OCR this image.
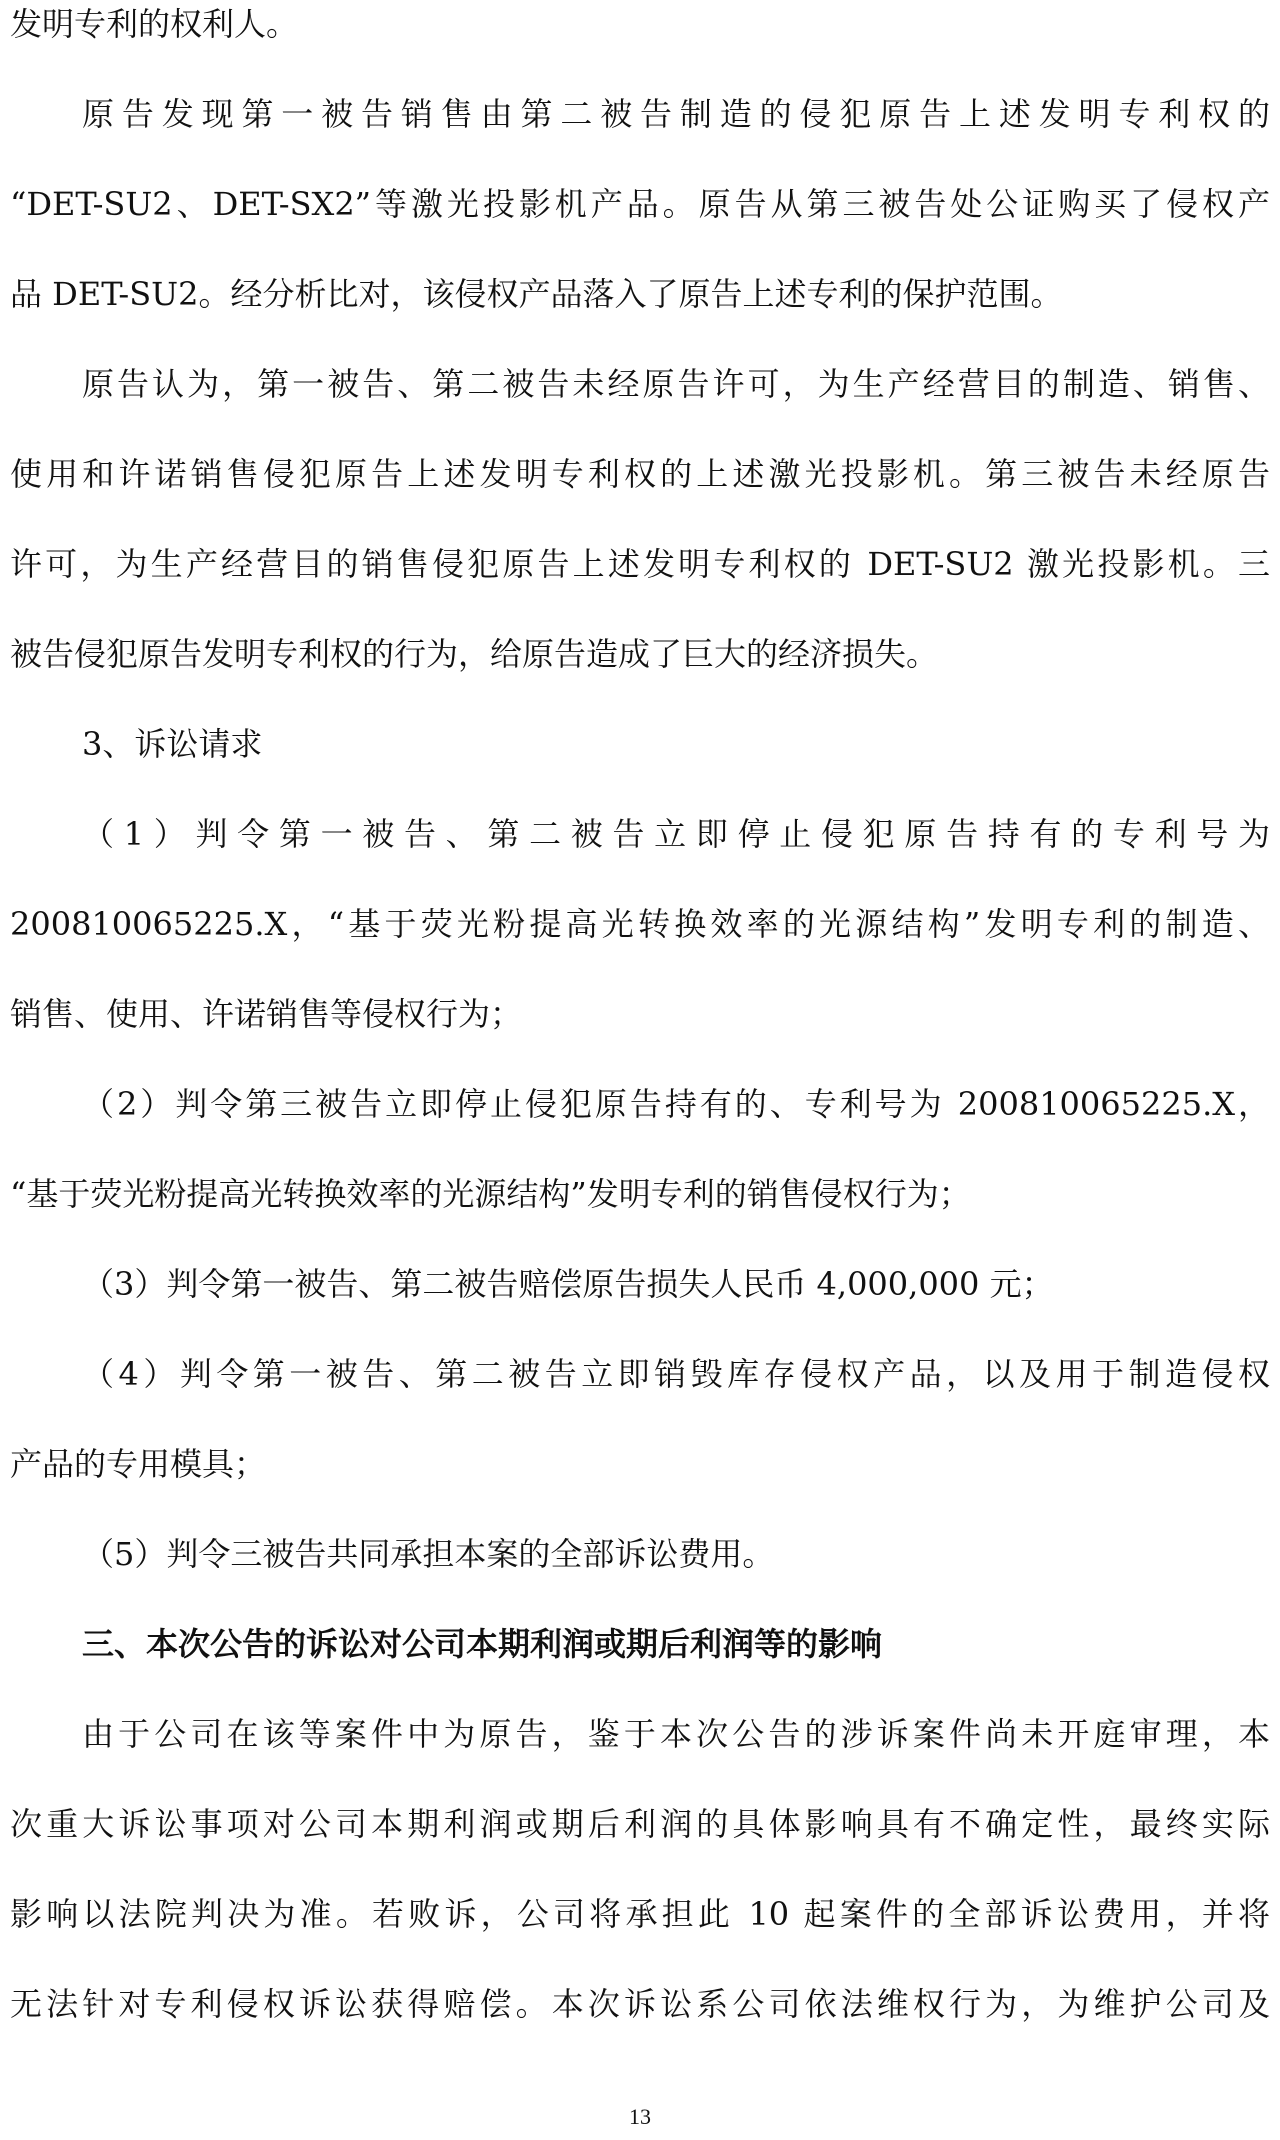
发明专利的权利人。
原告发现第一被告销售由第二被告制造的侵犯原告上述发明专利权的
“DET-SU2、DET-SX2”等激光投影机产品。原告从第三被告处公证购买了侵权产
品 DET-SU2。经分析比对，该侵权产品落入了原告上述专利的保护范围。
原告认为，第一被告、第二被告未经原告许可，为生产经营目的制造、销售、
使用和许诺销售侵犯原告上述发明专利权的上述激光投影机。第三被告未经原告
许可，为生产经营目的销售侵犯原告上述发明专利权的 DET-SU2 激光投影机。三
被告侵犯原告发明专利权的行为，给原告造成了巨大的经济损失。
3、诉讼请求
（1）判令第一被告、第二被告立即停止侵犯原告持有的专利号为
200810065225.X，“基于荧光粉提高光转换效率的光源结构”发明专利的制造、
销售、使用、许诺销售等侵权行为；
（2）判令第三被告立即停止侵犯原告持有的、专利号为 200810065225.X，
“基于荧光粉提高光转换效率的光源结构”发明专利的销售侵权行为；
（3）判令第一被告、第二被告赔偿原告损失人民币 4,000,000 元；
（4）判令第一被告、第二被告立即销毁库存侵权产品，以及用于制造侵权
产品的专用模具；
（5）判令三被告共同承担本案的全部诉讼费用。
三、本次公告的诉讼对公司本期利润或期后利润等的影响
由于公司在该等案件中为原告，鉴于本次公告的涉诉案件尚未开庭审理，本
次重大诉讼事项对公司本期利润或期后利润的具体影响具有不确定性，最终实际
影响以法院判决为准。若败诉，公司将承担此 10 起案件的全部诉讼费用，并将
无法针对专利侵权诉讼获得赔偿。本次诉讼系公司依法维权行为，为维护公司及
13
